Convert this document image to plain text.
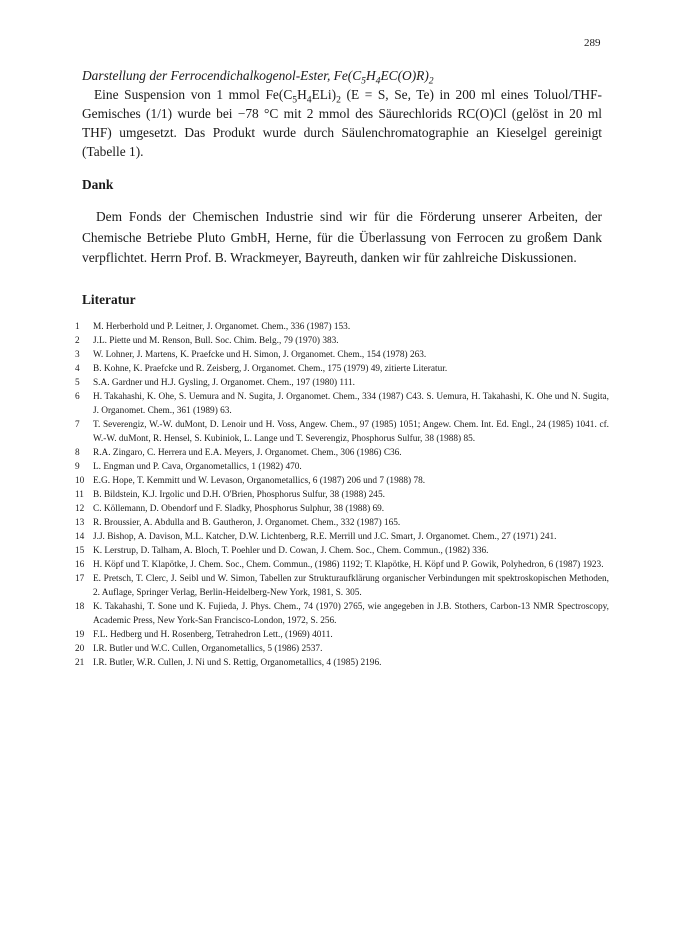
289
Darstellung der Ferrocendichalkogenol-Ester, $Fe(C_5H_4EC(O)R)_2$
Eine Suspension von 1 mmol $Fe(C_5H_4ELi)_2$ (E = S, Se, Te) in 200 ml eines Toluol/THF-Gemisches (1/1) wurde bei −78 °C mit 2 mmol des Säurechlorids RC(O)Cl (gelöst in 20 ml THF) umgesetzt. Das Produkt wurde durch Säulenchromatographie an Kieselgel gereinigt (Tabelle 1).
Dank
Dem Fonds der Chemischen Industrie sind wir für die Förderung unserer Arbeiten, der Chemische Betriebe Pluto GmbH, Herne, für die Überlassung von Ferrocen zu großem Dank verpflichtet. Herrn Prof. B. Wrackmeyer, Bayreuth, danken wir für zahlreiche Diskussionen.
Literatur
1	M. Herberhold und P. Leitner, J. Organomet. Chem., 336 (1987) 153.
2	J.L. Piette und M. Renson, Bull. Soc. Chim. Belg., 79 (1970) 383.
3	W. Lohner, J. Martens, K. Praefcke und H. Simon, J. Organomet. Chem., 154 (1978) 263.
4	B. Kohne, K. Praefcke und R. Zeisberg, J. Organomet. Chem., 175 (1979) 49, zitierte Literatur.
5	S.A. Gardner und H.J. Gysling, J. Organomet. Chem., 197 (1980) 111.
6	H. Takahashi, K. Ohe, S. Uemura and N. Sugita, J. Organomet. Chem., 334 (1987) C43. S. Uemura, H. Takahashi, K. Ohe und N. Sugita, J. Organomet. Chem., 361 (1989) 63.
7	T. Severengiz, W.-W. duMont, D. Lenoir und H. Voss, Angew. Chem., 97 (1985) 1051; Angew. Chem. Int. Ed. Engl., 24 (1985) 1041. cf. W.-W. duMont, R. Hensel, S. Kubiniok, L. Lange und T. Severengiz, Phosphorus Sulfur, 38 (1988) 85.
8	R.A. Zingaro, C. Herrera und E.A. Meyers, J. Organomet. Chem., 306 (1986) C36.
9	L. Engman und P. Cava, Organometallics, 1 (1982) 470.
10 E.G. Hope, T. Kemmitt und W. Levason, Organometallics, 6 (1987) 206 und 7 (1988) 78.
11 B. Bildstein, K.J. Irgolic und D.H. O'Brien, Phosphorus Sulfur, 38 (1988) 245.
12 C. Köllemann, D. Obendorf und F. Sladky, Phosphorus Sulphur, 38 (1988) 69.
13 R. Broussier, A. Abdulla and B. Gautheron, J. Organomet. Chem., 332 (1987) 165.
14 J.J. Bishop, A. Davison, M.L. Katcher, D.W. Lichtenberg, R.E. Merrill und J.C. Smart, J. Organomet. Chem., 27 (1971) 241.
15 K. Lerstrup, D. Talham, A. Bloch, T. Poehler und D. Cowan, J. Chem. Soc., Chem. Commun., (1982) 336.
16 H. Köpf und T. Klapötke, J. Chem. Soc., Chem. Commun., (1986) 1192; T. Klapötke, H. Köpf und P. Gowik, Polyhedron, 6 (1987) 1923.
17 E. Pretsch, T. Clerc, J. Seibl und W. Simon, Tabellen zur Strukturaufklärung organischer Verbindungen mit spektroskopischen Methoden, 2. Auflage, Springer Verlag, Berlin-Heidelberg-New York, 1981, S. 305.
18 K. Takahashi, T. Sone und K. Fujieda, J. Phys. Chem., 74 (1970) 2765, wie angegeben in J.B. Stothers, Carbon-13 NMR Spectroscopy, Academic Press, New York-San Francisco-London, 1972, S. 256.
19 F.L. Hedberg und H. Rosenberg, Tetrahedron Lett., (1969) 4011.
20 I.R. Butler und W.C. Cullen, Organometallics, 5 (1986) 2537.
21 I.R. Butler, W.R. Cullen, J. Ni und S. Rettig, Organometallics, 4 (1985) 2196.
